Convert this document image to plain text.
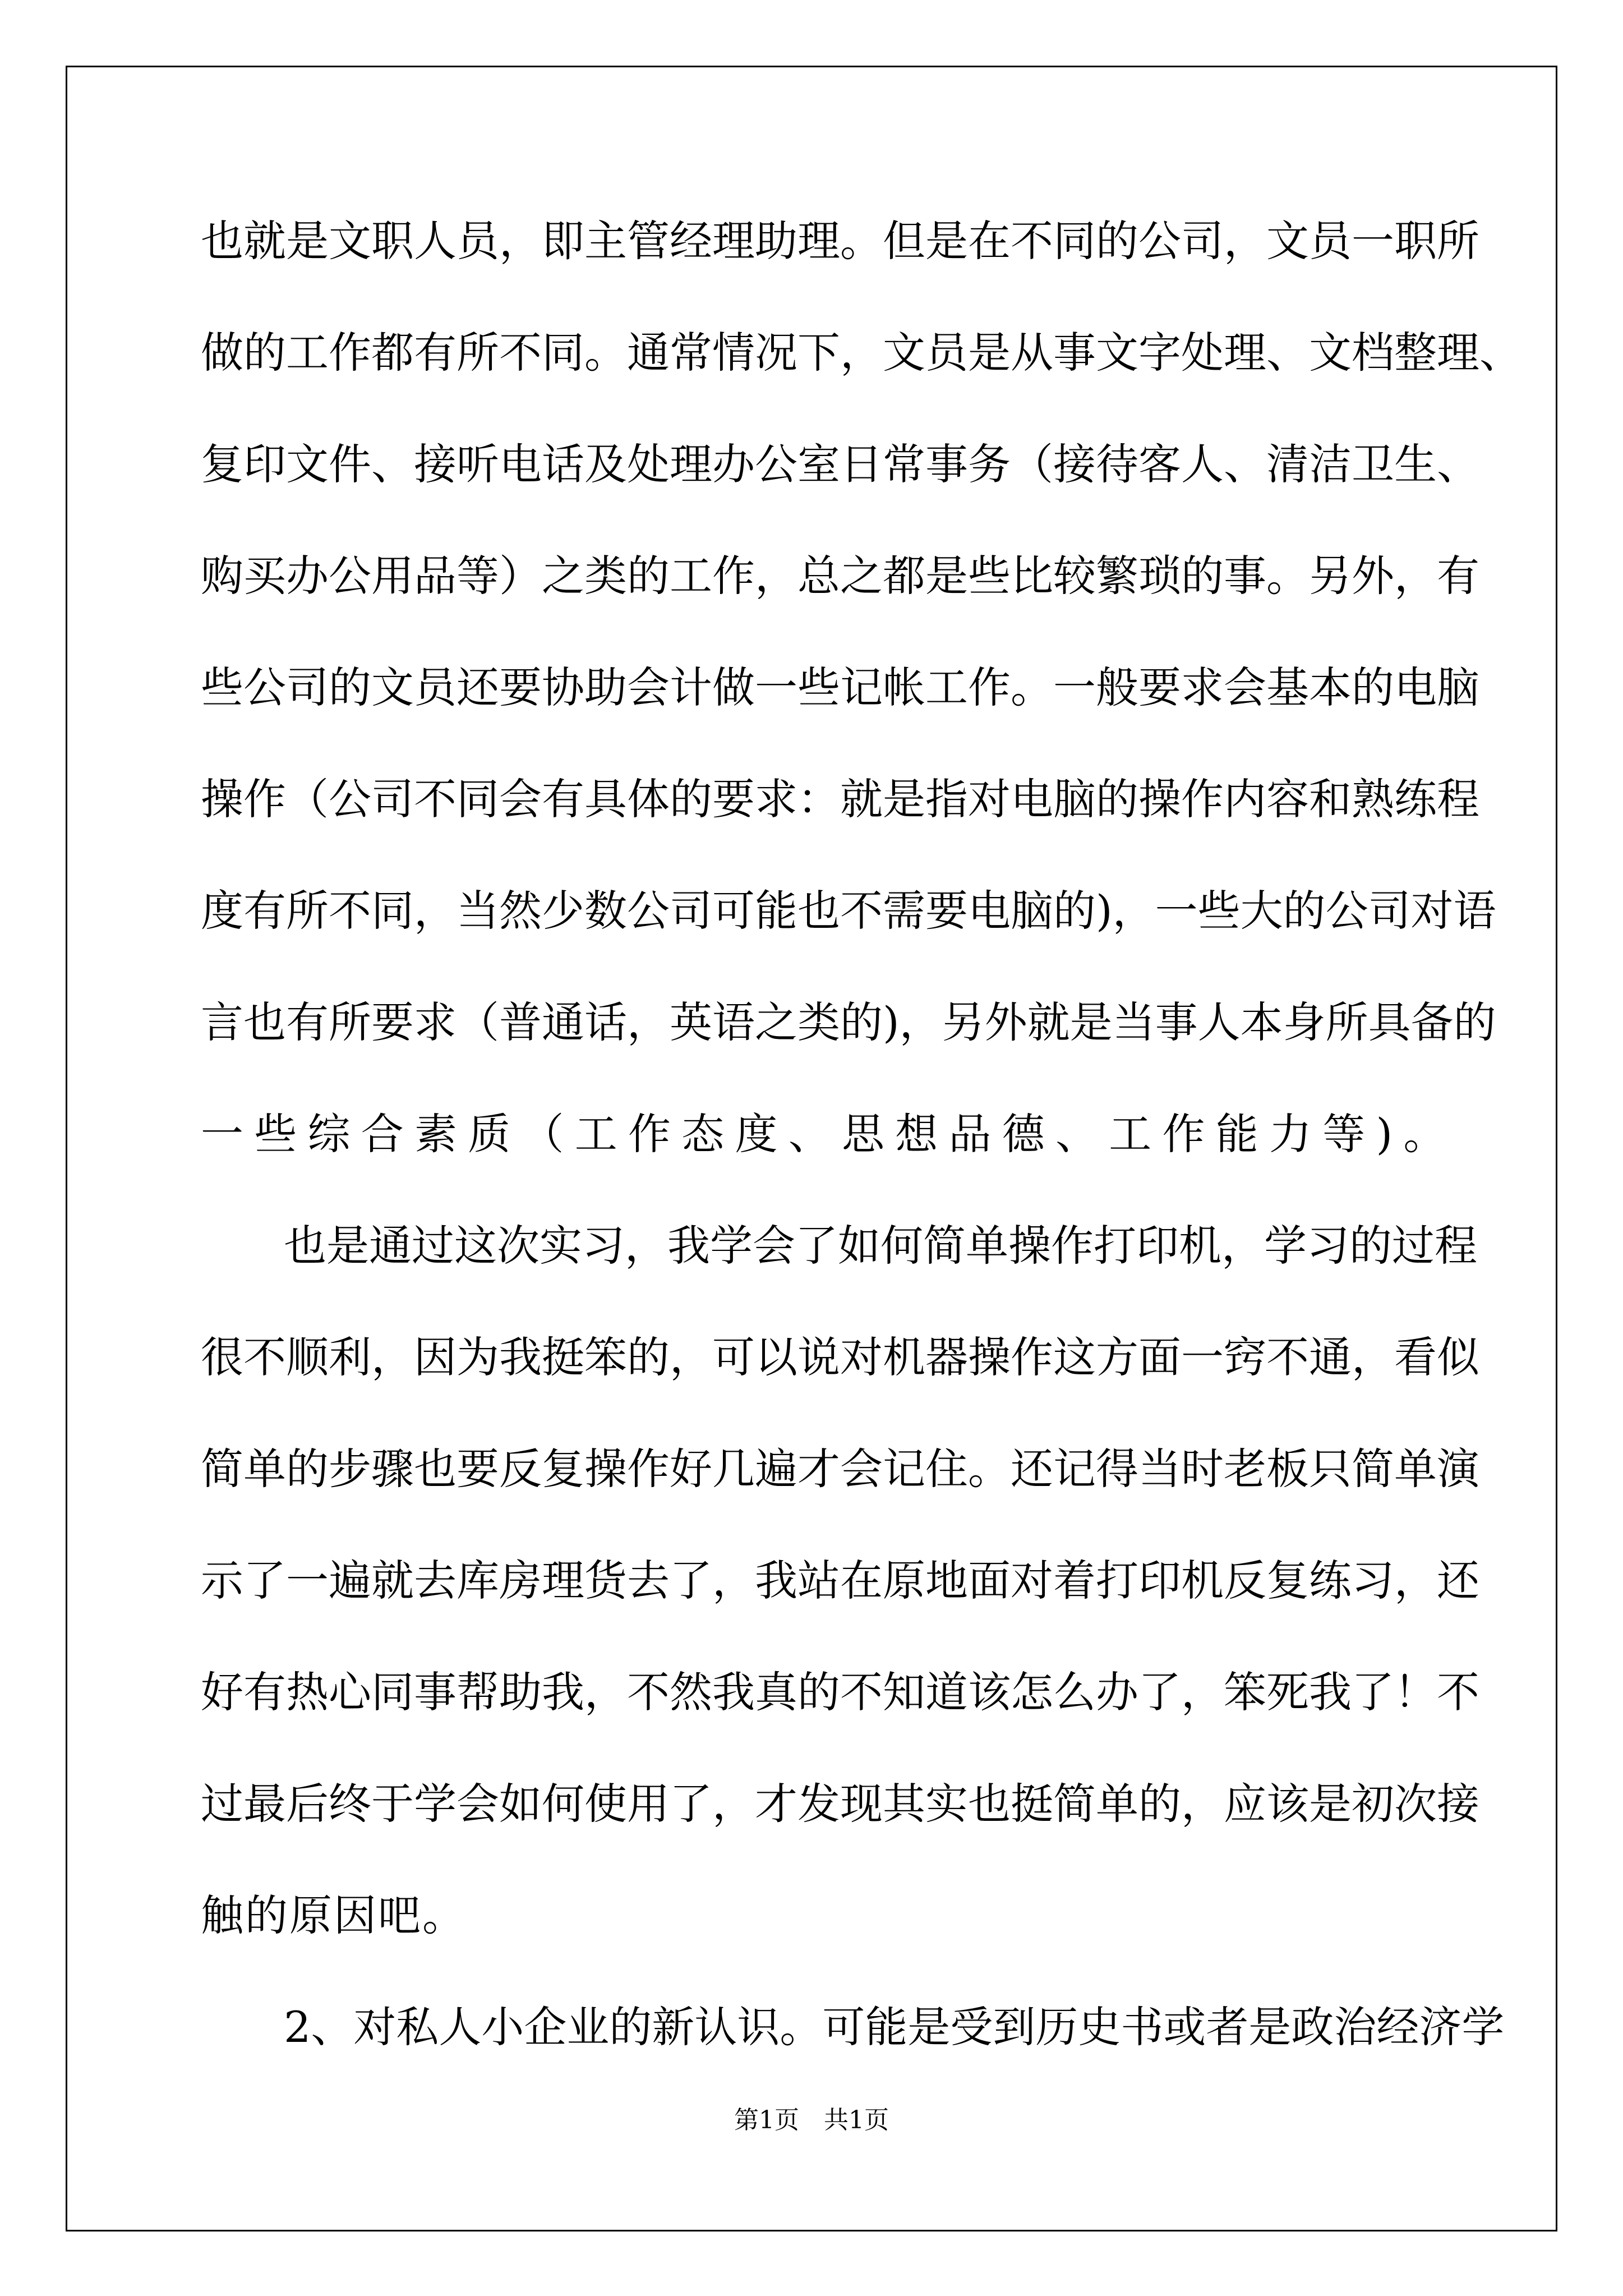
也就是文职人员，即主管经理助理。但是在不同的公司，文员一职所
做的工作都有所不同。通常情况下，文员是从事文字处理、文档整理、
复印文件、接听电话及处理办公室日常事务（接待客人、清洁卫生、
购买办公用品等）之类的工作，总之都是些比较繁琐的事。另外，有
些公司的文员还要协助会计做一些记帐工作。一般要求会基本的电脑
操作（公司不同会有具体的要求：就是指对电脑的操作内容和熟练程
度有所不同，当然少数公司可能也不需要电脑的)，一些大的公司对语
言也有所要求（普通话，英语之类的)，另外就是当事人本身所具备的
一些综合素质（工作态度、思想品德、工作能力等)。
也是通过这次实习，我学会了如何简单操作打印机，学习的过程
很不顺利，因为我挺笨的，可以说对机器操作这方面一窍不通，看似
简单的步骤也要反复操作好几遍才会记住。还记得当时老板只简单演
示了一遍就去库房理货去了，我站在原地面对着打印机反复练习，还
好有热心同事帮助我，不然我真的不知道该怎么办了，笨死我了！不
过最后终于学会如何使用了，才发现其实也挺简单的，应该是初次接
触的原因吧。
2、对私人小企业的新认识。可能是受到历史书或者是政治经济学
第1页　共1页
